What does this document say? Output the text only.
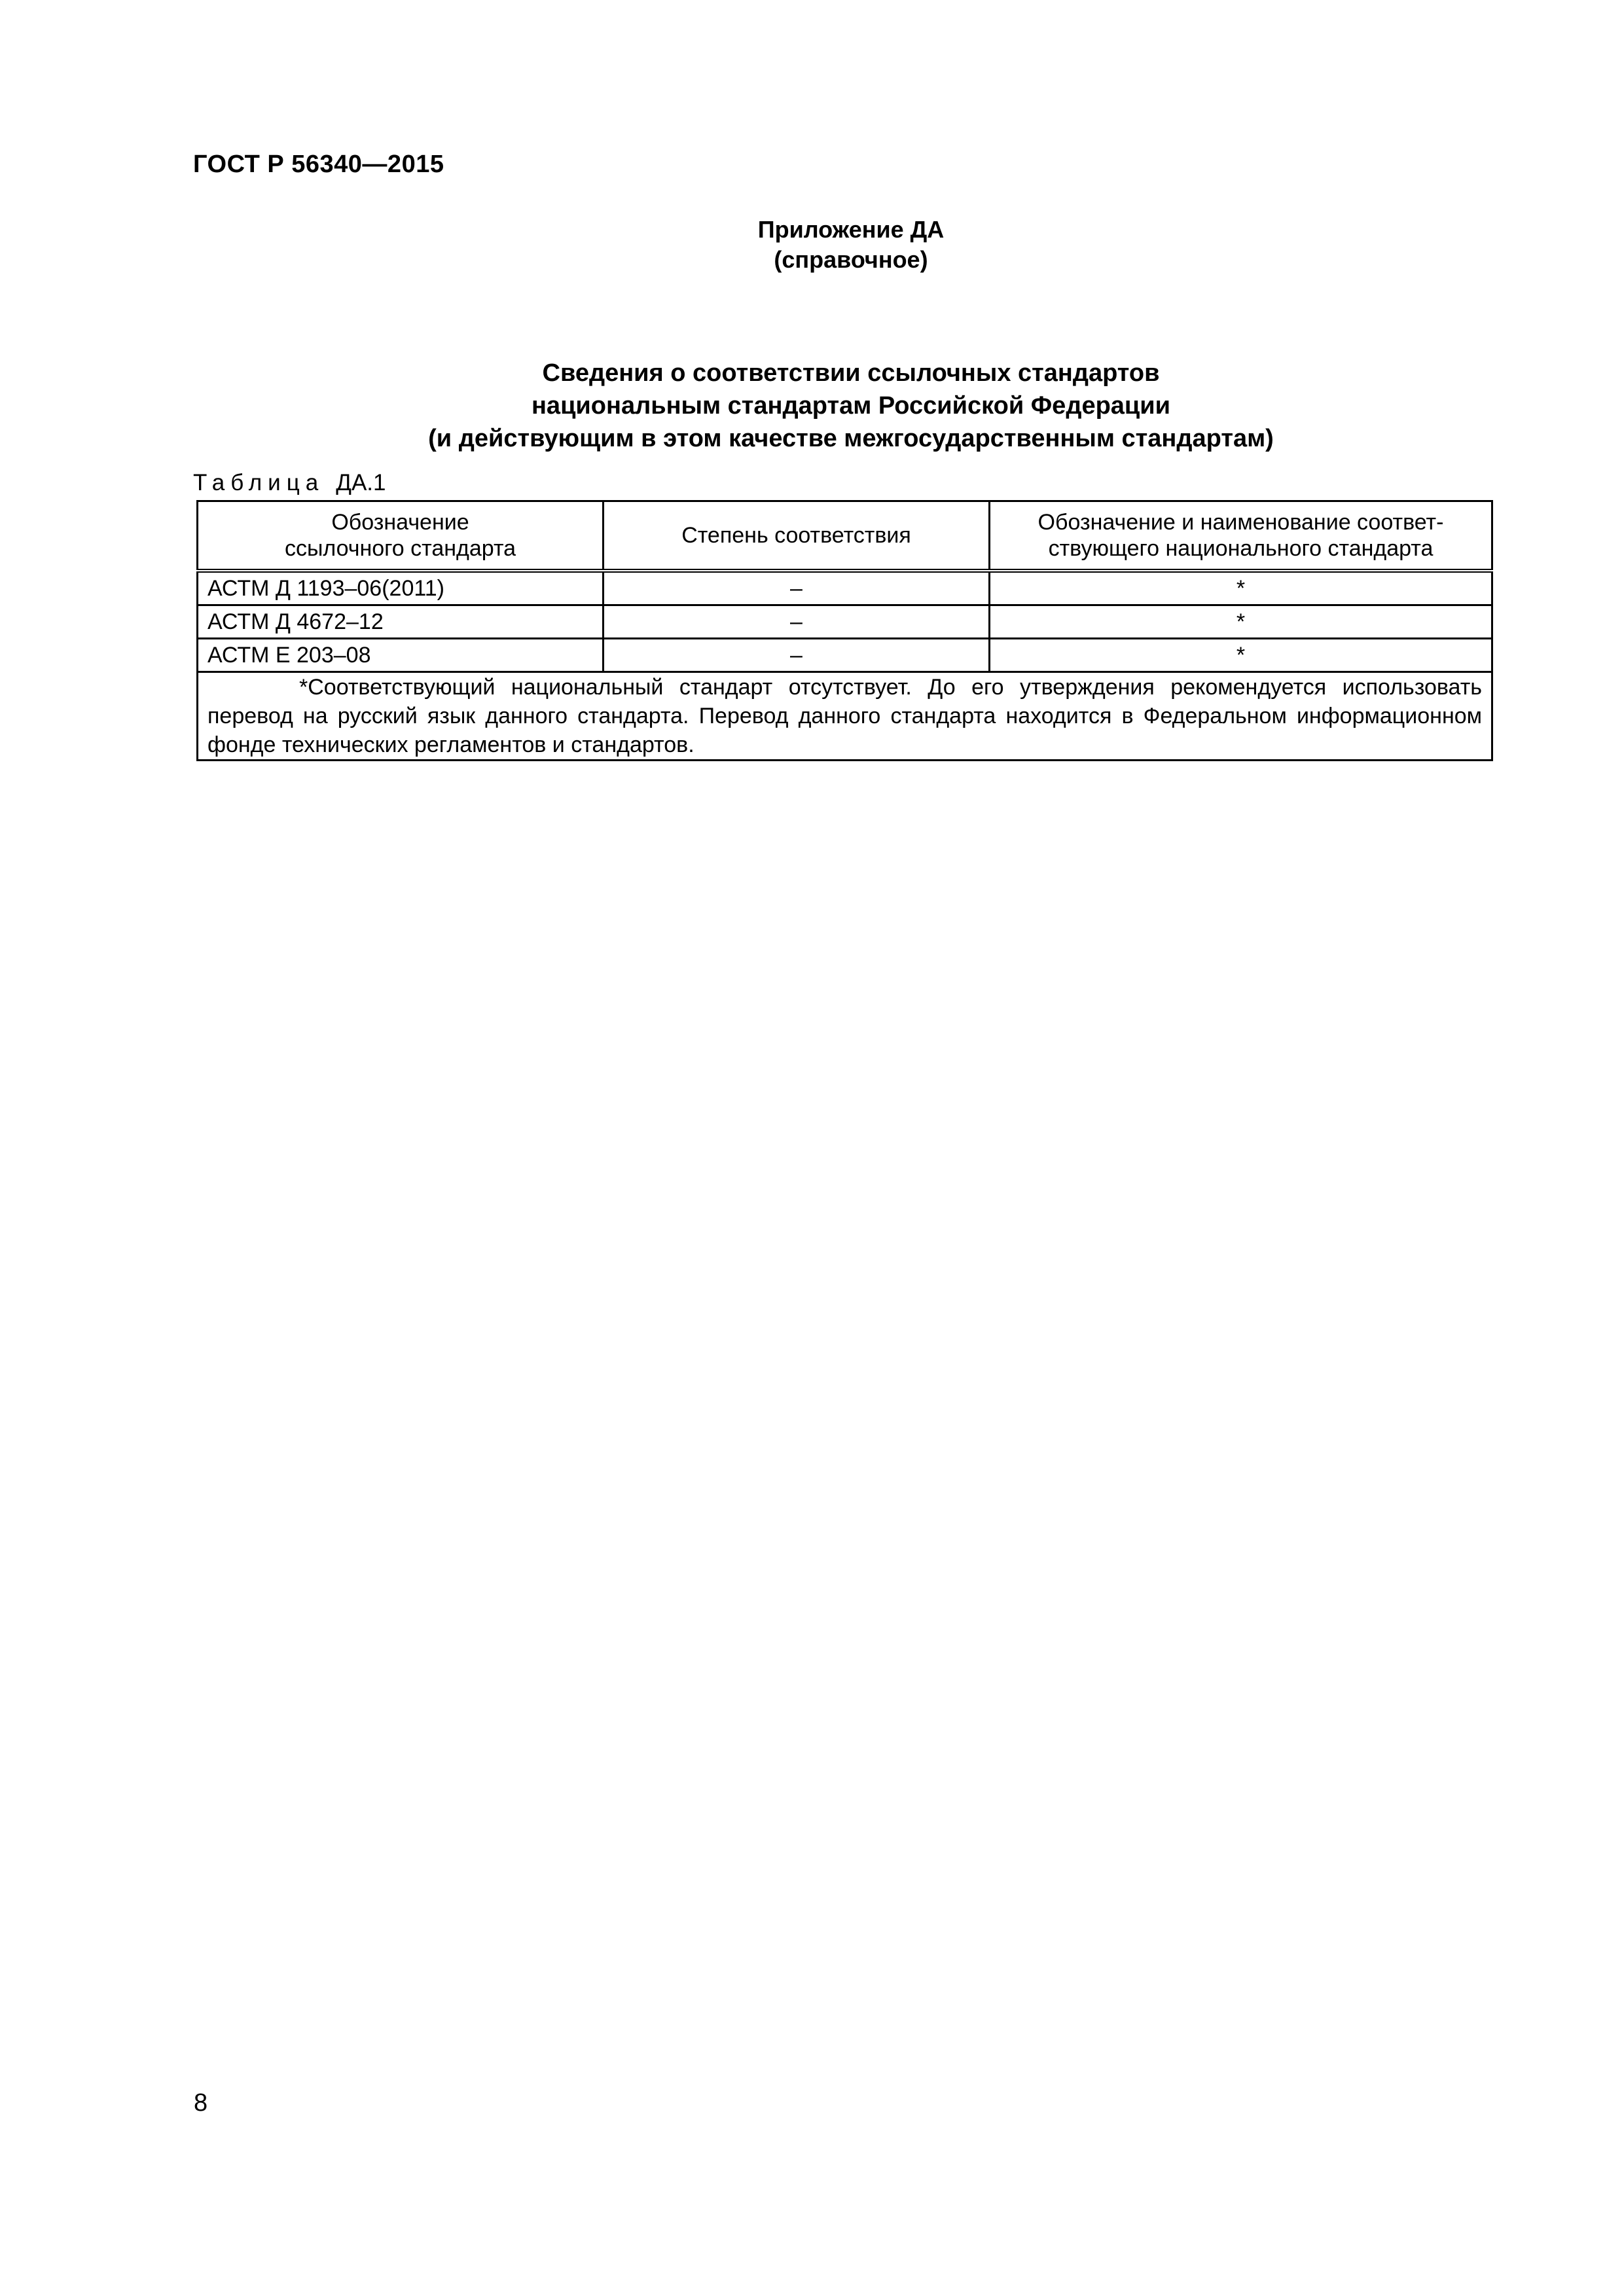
ГОСТ Р 56340—2015
Приложение ДА
(справочное)
Сведения о соответствии ссылочных стандартов
национальным стандартам Российской Федерации
(и действующим в этом качестве межгосударственным стандартам)
Таблица ДА.1
Обозначение ссылочного стандарта	Степень соответствия	Обозначение и наименование соответствующего национального стандарта
АСТМ Д 1193–06(2011)	–	*
АСТМ Д 4672–12	–	*
АСТМ Е 203–08	–	*

*Соответствующий национальный стандарт отсутствует. До его утверждения рекомендуется использовать перевод на русский язык данного стандарта. Перевод данного стандарта находится в Федеральном информационном фонде технических регламентов и стандартов.		
8
